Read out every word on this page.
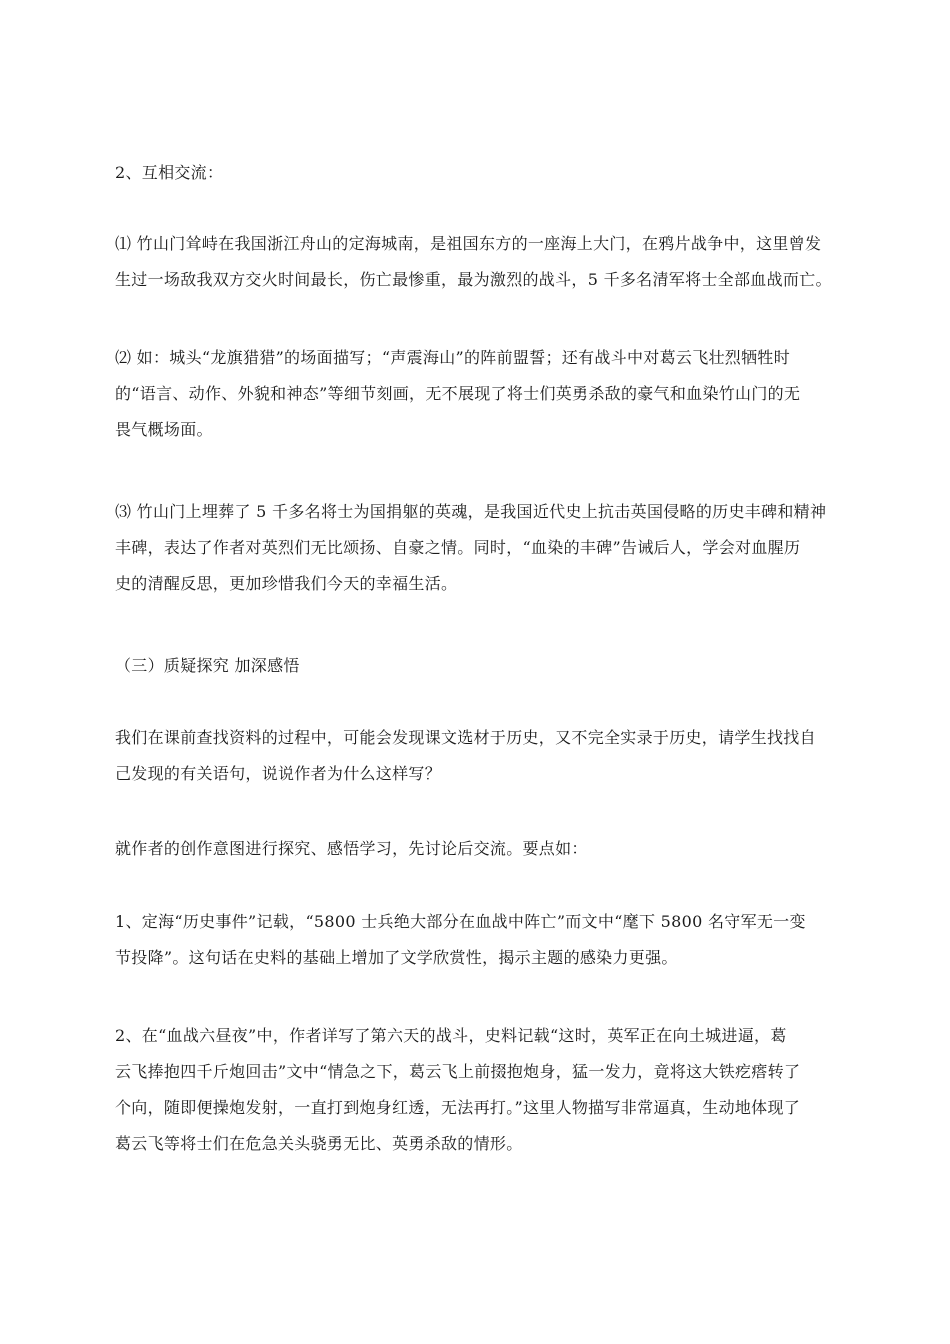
2、互相交流：

⑴ 竹山门耸峙在我国浙江舟山的定海城南，是祖国东方的一座海上大门，在鸦片战争中，这里曾发
生过一场敌我双方交火时间最长，伤亡最惨重，最为激烈的战斗，5 千多名清军将士全部血战而亡。

⑵ 如：城头“龙旗猎猎”的场面描写；“声震海山”的阵前盟誓；还有战斗中对葛云飞壮烈牺牲时
的“语言、动作、外貌和神态”等细节刻画，无不展现了将士们英勇杀敌的豪气和血染竹山门的无
畏气概场面。

⑶ 竹山门上埋葬了 5 千多名将士为国捐躯的英魂，是我国近代史上抗击英国侵略的历史丰碑和精神
丰碑，表达了作者对英烈们无比颂扬、自豪之情。同时，“血染的丰碑”告诫后人，学会对血腥历
史的清醒反思，更加珍惜我们今天的幸福生活。

（三）质疑探究 加深感悟

我们在课前查找资料的过程中，可能会发现课文选材于历史，又不完全实录于历史，请学生找找自
己发现的有关语句，说说作者为什么这样写？

就作者的创作意图进行探究、感悟学习，先讨论后交流。要点如：

1、定海“历史事件”记载，“5800 士兵绝大部分在血战中阵亡”而文中“麾下 5800 名守军无一变
节投降”。这句话在史料的基础上增加了文学欣赏性，揭示主题的感染力更强。

2、在“血战六昼夜”中，作者详写了第六天的战斗，史料记载“这时，英军正在向土城进逼，葛
云飞捧抱四千斤炮回击”文中“情急之下，葛云飞上前掇抱炮身，猛一发力，竟将这大铁疙瘩转了
个向，随即便操炮发射，一直打到炮身红透，无法再打。”这里人物描写非常逼真，生动地体现了
葛云飞等将士们在危急关头骁勇无比、英勇杀敌的情形。
